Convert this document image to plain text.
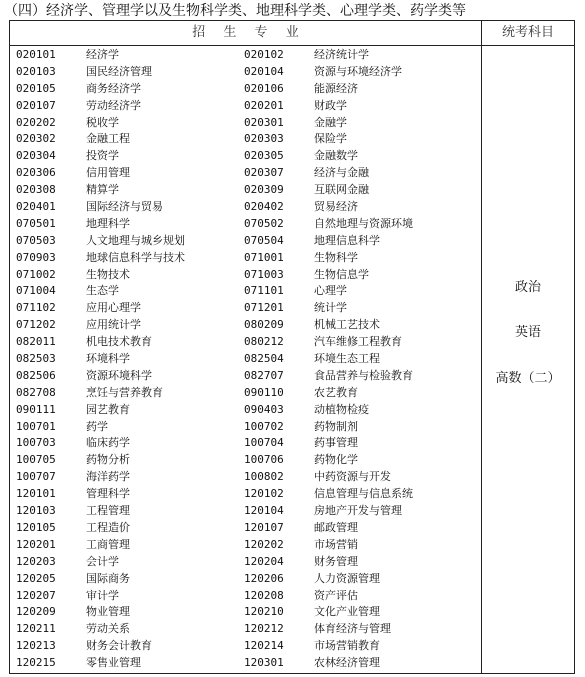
（四）经济学、管理学以及生物科学类、地理科学类、心理学类、药学类等
招 生 专 业	统考科目
020101	经济学	020102	经济统计学
020103	国民经济管理	020104	资源与环境经济学
020105	商务经济学	020106	能源经济
020107	劳动经济学	020201	财政学
020202	税收学	020301	金融学
020302	金融工程	020303	保险学
020304	投资学	020305	金融数学
020306	信用管理	020307	经济与金融
020308	精算学	020309	互联网金融
020401	国际经济与贸易	020402	贸易经济
070501	地理科学	070502	自然地理与资源环境
070503	人文地理与城乡规划	070504	地理信息科学
070903	地球信息科学与技术	071001	生物科学
071002	生物技术	071003	生物信息学
071004	生态学	071101	心理学
071102	应用心理学	071201	统计学
071202	应用统计学	080209	机械工艺技术
082011	机电技术教育	080212	汽车维修工程教育
082503	环境科学	082504	环境生态工程
082506	资源环境科学	082707	食品营养与检验教育
082708	烹饪与营养教育	090110	农艺教育
090111	园艺教育	090403	动植物检疫
100701	药学	100702	药物制剂
100703	临床药学	100704	药事管理
100705	药物分析	100706	药物化学
100707	海洋药学	100802	中药资源与开发
120101	管理科学	120102	信息管理与信息系统
120103	工程管理	120104	房地产开发与管理
120105	工程造价	120107	邮政管理
120201	工商管理	120202	市场营销
120203	会计学	120204	财务管理
120205	国际商务	120206	人力资源管理
120207	审计学	120208	资产评估
120209	物业管理	120210	文化产业管理
120211	劳动关系	120212	体育经济与管理
120213	财务会计教育	120214	市场营销教育
120215	零售业管理	120301	农林经济管理
政治
英语
高数（二）
